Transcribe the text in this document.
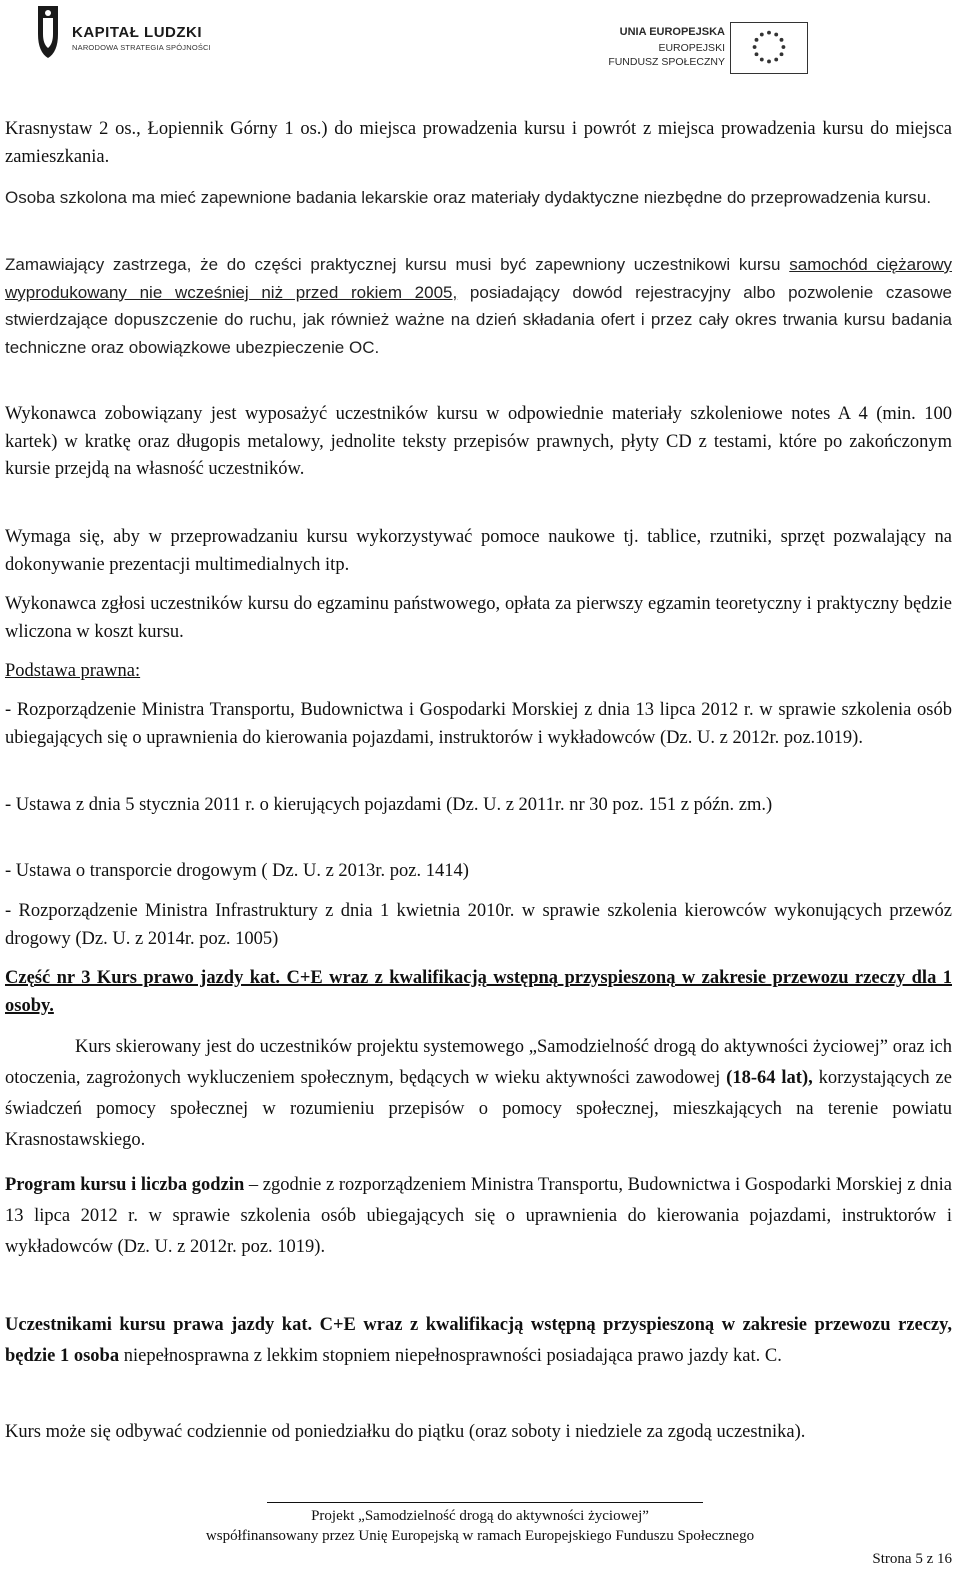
KAPITAŁ LUDZKI
NARODOWA STRATEGIA SPÓJNOŚCI
UNIA EUROPEJSKA
EUROPEJSKI
FUNDUSZ SPOŁECZNY

Krasnystaw 2 os., Łopiennik Górny 1 os.) do miejsca prowadzenia kursu i powrót z miejsca prowadzenia kursu do miejsca zamieszkania.

Osoba szkolona ma mieć zapewnione badania lekarskie oraz materiały dydaktyczne niezbędne do przeprowadzenia kursu.

Zamawiający zastrzega, że do części praktycznej kursu musi być zapewniony uczestnikowi kursu samochód ciężarowy wyprodukowany nie wcześniej niż przed rokiem 2005, posiadający dowód rejestracyjny albo pozwolenie czasowe stwierdzające dopuszczenie do ruchu, jak również ważne na dzień składania ofert i przez cały okres trwania kursu badania techniczne oraz obowiązkowe ubezpieczenie OC.

Wykonawca zobowiązany jest wyposażyć uczestników kursu w odpowiednie materiały szkoleniowe notes A 4 (min. 100 kartek) w kratkę oraz długopis metalowy, jednolite teksty przepisów prawnych, płyty CD z testami, które po zakończonym kursie przejdą na własność uczestników.

Wymaga się, aby w przeprowadzaniu kursu wykorzystywać pomoce naukowe tj. tablice, rzutniki, sprzęt pozwalający na dokonywanie prezentacji multimedialnych itp.

Wykonawca zgłosi uczestników kursu do egzaminu państwowego, opłata za pierwszy egzamin teoretyczny i praktyczny będzie wliczona w koszt kursu.

Podstawa prawna:

- Rozporządzenie Ministra Transportu, Budownictwa i Gospodarki Morskiej z dnia 13 lipca 2012 r. w sprawie szkolenia osób ubiegających się o uprawnienia do kierowania pojazdami, instruktorów i wykładowców (Dz. U. z 2012r. poz.1019).

- Ustawa z dnia 5 stycznia 2011 r. o kierujących pojazdami (Dz. U. z 2011r. nr 30 poz. 151 z późn. zm.)

- Ustawa o transporcie drogowym ( Dz. U. z 2013r. poz. 1414)

- Rozporządzenie Ministra Infrastruktury z dnia 1 kwietnia 2010r. w sprawie szkolenia kierowców wykonujących przewóz drogowy (Dz. U. z 2014r. poz. 1005)

Część nr 3 Kurs prawo jazdy kat. C+E wraz z kwalifikacją wstępną przyspieszoną w zakresie przewozu rzeczy dla 1 osoby.

Kurs skierowany jest do uczestników projektu systemowego „Samodzielność drogą do aktywności życiowej” oraz ich otoczenia, zagrożonych wykluczeniem społecznym, będących w wieku aktywności zawodowej (18-64 lat), korzystających ze świadczeń pomocy społecznej w rozumieniu przepisów o pomocy społecznej, mieszkających na terenie powiatu Krasnostawskiego.

Program kursu i liczba godzin – zgodnie z rozporządzeniem Ministra Transportu, Budownictwa i Gospodarki Morskiej z dnia 13 lipca 2012 r. w sprawie szkolenia osób ubiegających się o uprawnienia do kierowania pojazdami, instruktorów i wykładowców (Dz. U. z 2012r. poz. 1019).

Uczestnikami kursu prawa jazdy kat. C+E wraz z kwalifikacją wstępną przyspieszoną w zakresie przewozu rzeczy, będzie 1 osoba niepełnosprawna z lekkim stopniem niepełnosprawności posiadająca prawo jazdy kat. C.

Kurs może się odbywać codziennie od poniedziałku do piątku (oraz soboty i niedziele za zgodą uczestnika).

Projekt „Samodzielność drogą do aktywności życiowej”
współfinansowany przez Unię Europejską w ramach Europejskiego Funduszu Społecznego
Strona 5 z 16
